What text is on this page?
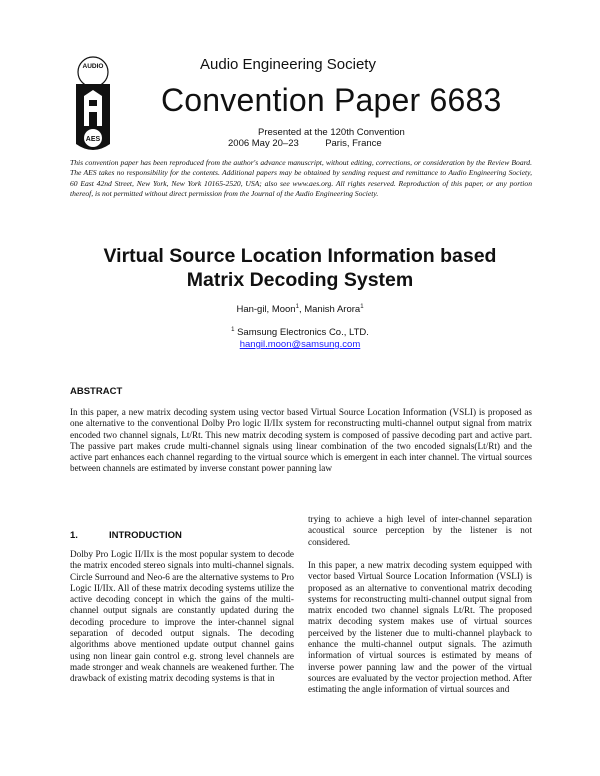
AUDIO
AES
Audio Engineering Society
Convention Paper 6683
Presented at the 120th Convention
2006 May 20–23	Paris, France
This convention paper has been reproduced from the author's advance manuscript, without editing, corrections, or consideration by the Review Board. The AES takes no responsibility for the contents. Additional papers may be obtained by sending request and remittance to Audio Engineering Society, 60 East 42nd Street, New York, New York 10165-2520, USA; also see www.aes.org. All rights reserved. Reproduction of this paper, or any portion thereof, is not permitted without direct permission from the Journal of the Audio Engineering Society.
Virtual Source Location Information based
Matrix Decoding System
Han-gil, Moon$^1$, Manish Arora$^1$
$^1$ Samsung Electronics Co., LTD.
hangil.moon@samsung.com
ABSTRACT
In this paper, a new matrix decoding system using vector based Virtual Source Location Information (VSLI) is proposed as one alternative to the conventional Dolby Pro logic II/IIx system for reconstructing multi-channel output signal from matrix encoded two channel signals, Lt/Rt. This new matrix decoding system is composed of passive decoding part and active part. The passive part makes crude multi-channel signals using linear combination of the two encoded signals(Lt/Rt) and the active part enhances each channel regarding to the virtual source which is emergent in each inter channel. The virtual sources between channels are estimated by inverse constant power panning law
1.	INTRODUCTION
Dolby Pro Logic II/IIx is the most popular system to decode the matrix encoded stereo signals into multi-channel signals. Circle Surround and Neo-6 are the alternative systems to Pro Logic II/IIx. All of these matrix decoding systems utilize the active decoding concept in which the gains of the multi-channel output signals are constantly updated during the decoding procedure to improve the inter-channel signal separation of decoded output signals. The decoding algorithms above mentioned update output channel gains using non linear gain control e.g. strong level channels are made stronger and weak channels are weakened further. The drawback of existing matrix decoding systems is that in
trying to achieve a high level of inter-channel separation acoustical source perception by the listener is not considered.
In this paper, a new matrix decoding system equipped with vector based Virtual Source Location Information (VSLI) is proposed as an alternative to conventional matrix decoding systems for reconstructing multi-channel output signal from matrix encoded two channel signals Lt/Rt. The proposed matrix decoding system makes use of virtual sources perceived by the listener due to multi-channel playback to enhance the multi-channel output signals. The azimuth information of virtual sources is estimated by means of inverse power panning law and the power of the virtual sources are evaluated by the vector projection method. After estimating the angle information of virtual sources and
